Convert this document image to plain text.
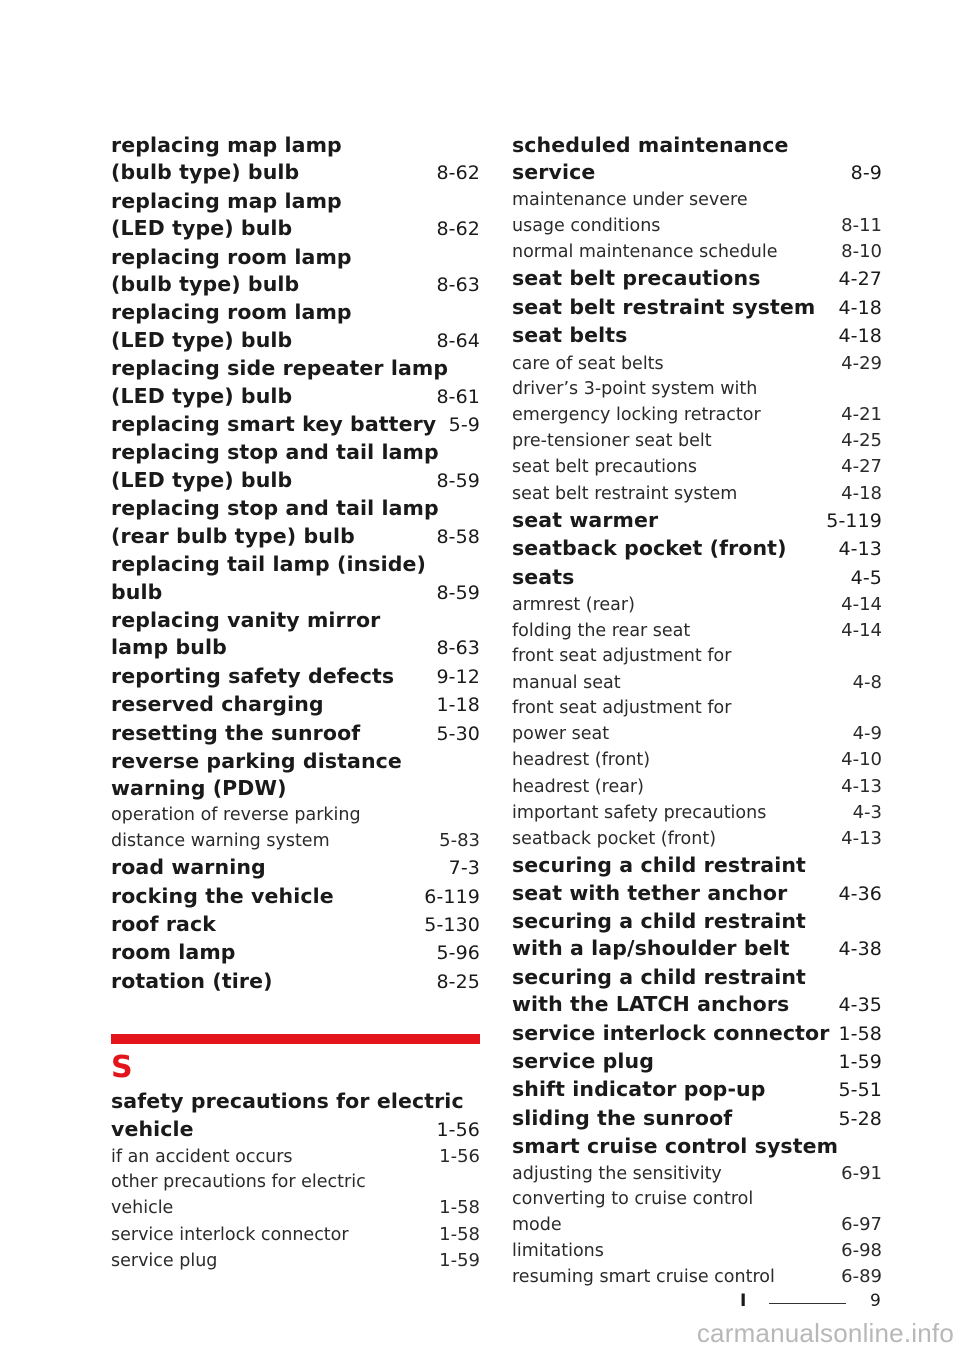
replacing map lamp
(bulb type) bulb	8-62
replacing map lamp
(LED type) bulb	8-62
replacing room lamp
(bulb type) bulb	8-63
replacing room lamp
(LED type) bulb	8-64
replacing side repeater lamp
(LED type) bulb	8-61
replacing smart key battery 5-9
replacing stop and tail lamp
(LED type) bulb	8-59
replacing stop and tail lamp
(rear bulb type) bulb	8-58
replacing tail lamp (inside)
bulb	8-59
replacing vanity mirror
lamp bulb	8-63
reporting safety defects	9-12
reserved charging	1-18
resetting the sunroof	5-30
reverse parking distance
warning (PDW)
operation of reverse parking
distance warning system	5-83
road warning	7-3
rocking the vehicle	6-119
roof rack	5-130
room lamp	5-96
rotation (tire)	8-25
S
safety precautions for electric
vehicle	1-56
if an accident occurs	1-56
other precautions for electric
vehicle	1-58
service interlock connector	1-58
service plug	1-59
scheduled maintenance
service	8-9
maintenance under severe
usage conditions	8-11
normal maintenance schedule	8-10
seat belt precautions	4-27
seat belt restraint system	4-18
seat belts	4-18
care of seat belts	4-29
driver’s 3-point system with
emergency locking retractor	4-21
pre-tensioner seat belt	4-25
seat belt precautions	4-27
seat belt restraint system	4-18
seat warmer	5-119
seatback pocket (front)	4-13
seats	4-5
armrest (rear)	4-14
folding the rear seat	4-14
front seat adjustment for
manual seat	4-8
front seat adjustment for
power seat	4-9
headrest (front)	4-10
headrest (rear)	4-13
important safety precautions	4-3
seatback pocket (front)	4-13
securing a child restraint
seat with tether anchor	4-36
securing a child restraint
with a lap/shoulder belt	4-38
securing a child restraint
with the LATCH anchors	4-35
service interlock connector 1-58
service plug	1-59
shift indicator pop-up	5-51
sliding the sunroof	5-28
smart cruise control system
adjusting the sensitivity	6-91
converting to cruise control
mode	6-97
limitations	6-98
resuming smart cruise control	6-89
I	9
carmanualsonline.info
